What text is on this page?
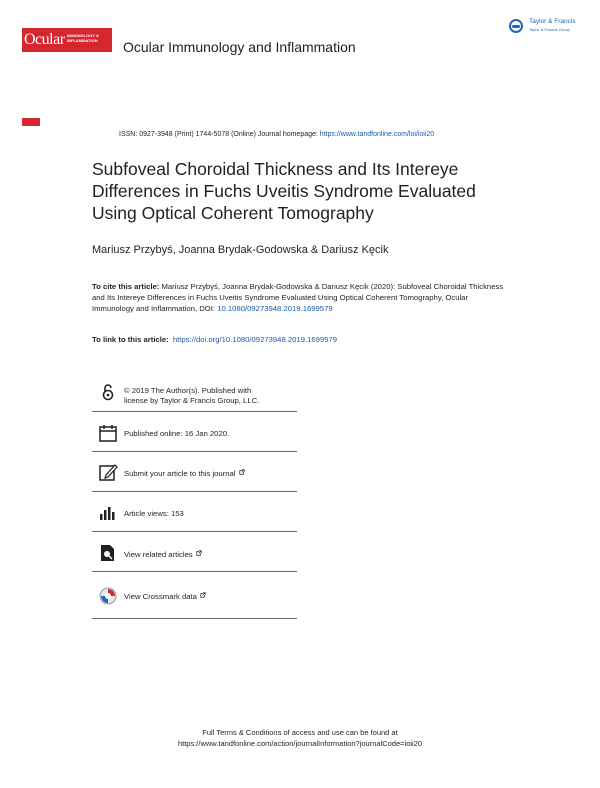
Ocular IMMUNOLOGY &
INFLAMMATION Ocular Immunology and Inflammation
Taylor & Francis
Taylor & Francis Group
ISSN: 0927-3948 (Print) 1744-5078 (Online) Journal homepage: https://www.tandfonline.com/loi/ioii20
Subfoveal Choroidal Thickness and Its Intereye
Differences in Fuchs Uveitis Syndrome Evaluated
Using Optical Coherent Tomography
Mariusz Przybyś, Joanna Brydak-Godowska & Dariusz Kęcik
To cite this article: Mariusz Przybyś, Joanna Brydak-Godowska & Dariusz Kęcik (2020): Subfoveal Choroidal Thickness and Its Intereye Differences in Fuchs Uveitis Syndrome Evaluated Using Optical Coherent Tomography, Ocular Immunology and Inflammation, DOI: 10.1080/09273948.2019.1699579
To link to this article: https://doi.org/10.1080/09273948.2019.1699579
© 2019 The Author(s). Published with
license by Taylor & Francis Group, LLC.
Published online: 16 Jan 2020.
Submit your article to this journal
Article views: 153
View related articles
View Crossmark data
Full Terms & Conditions of access and use can be found at
https://www.tandfonline.com/action/journalInformation?journalCode=ioii20
